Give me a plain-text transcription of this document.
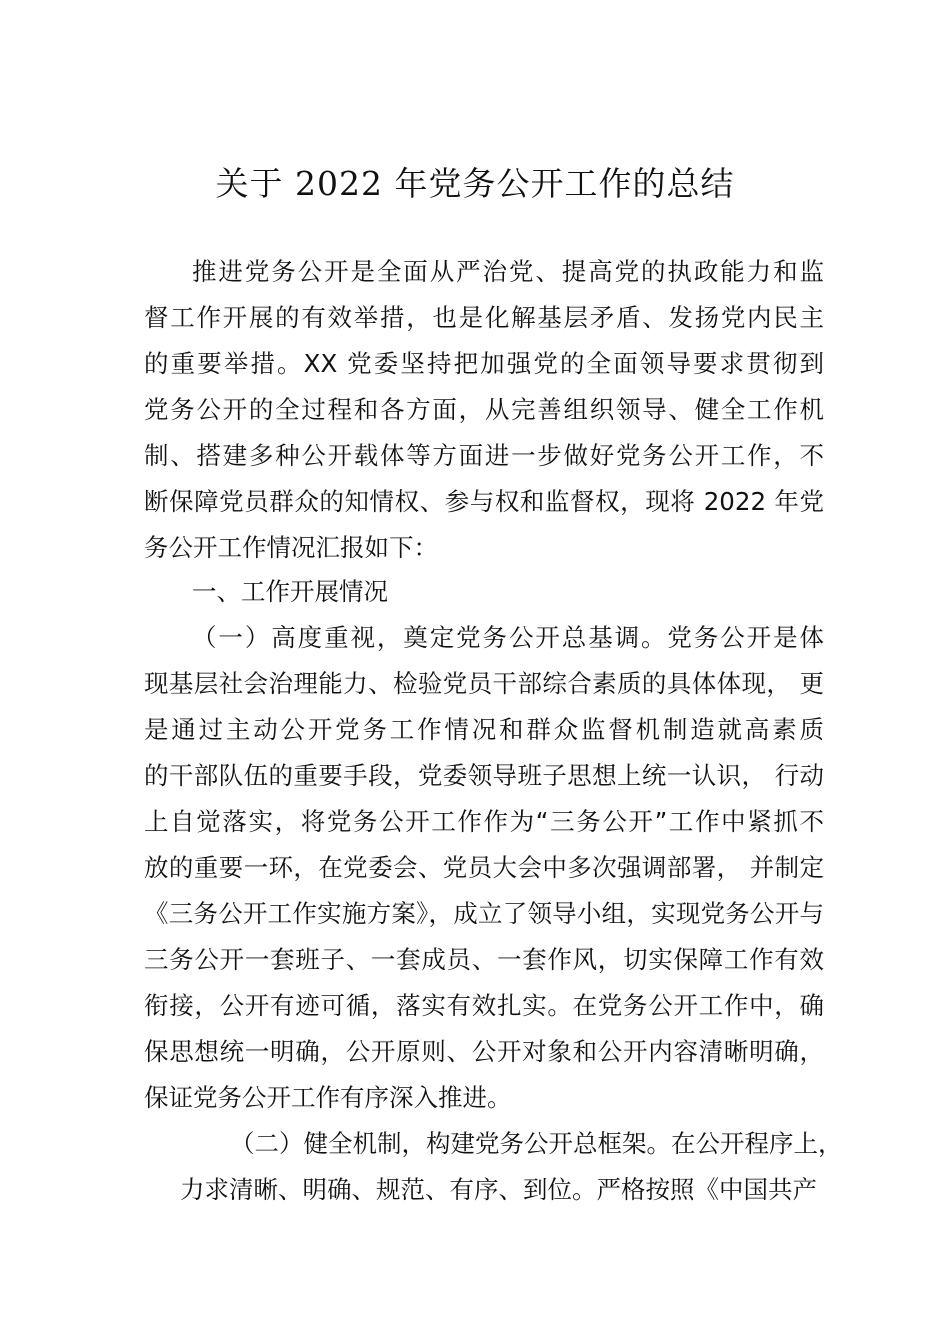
关于 2022 年党务公开工作的总结
推进党务公开是全面从严治党、提高党的执政能力和监
督工作开展的有效举措，也是化解基层矛盾、发扬党内民主
的重要举措。XX 党委坚持把加强党的全面领导要求贯彻到
党务公开的全过程和各方面，从完善组织领导、健全工作机
制、搭建多种公开载体等方面进一步做好党务公开工作，不
断保障党员群众的知情权、参与权和监督权，现将 2022 年党
务公开工作情况汇报如下：
一、工作开展情况
（一）高度重视，奠定党务公开总基调。党务公开是体
现基层社会治理能力、检验党员干部综合素质的具体体现， 更
是通过主动公开党务工作情况和群众监督机制造就高素质
的干部队伍的重要手段，党委领导班子思想上统一认识， 行动
上自觉落实，将党务公开工作作为“三务公开”工作中紧抓不
放的重要一环，在党委会、党员大会中多次强调部署， 并制定
《三务公开工作实施方案》，成立了领导小组，实现党务公开与
三务公开一套班子、一套成员、一套作风，切实保障工作有效
衔接，公开有迹可循，落实有效扎实。在党务公开工作中，确
保思想统一明确，公开原则、公开对象和公开内容清晰明确，
保证党务公开工作有序深入推进。
（二）健全机制，构建党务公开总框架。在公开程序上，
力求清晰、明确、规范、有序、到位。严格按照《中国共产
